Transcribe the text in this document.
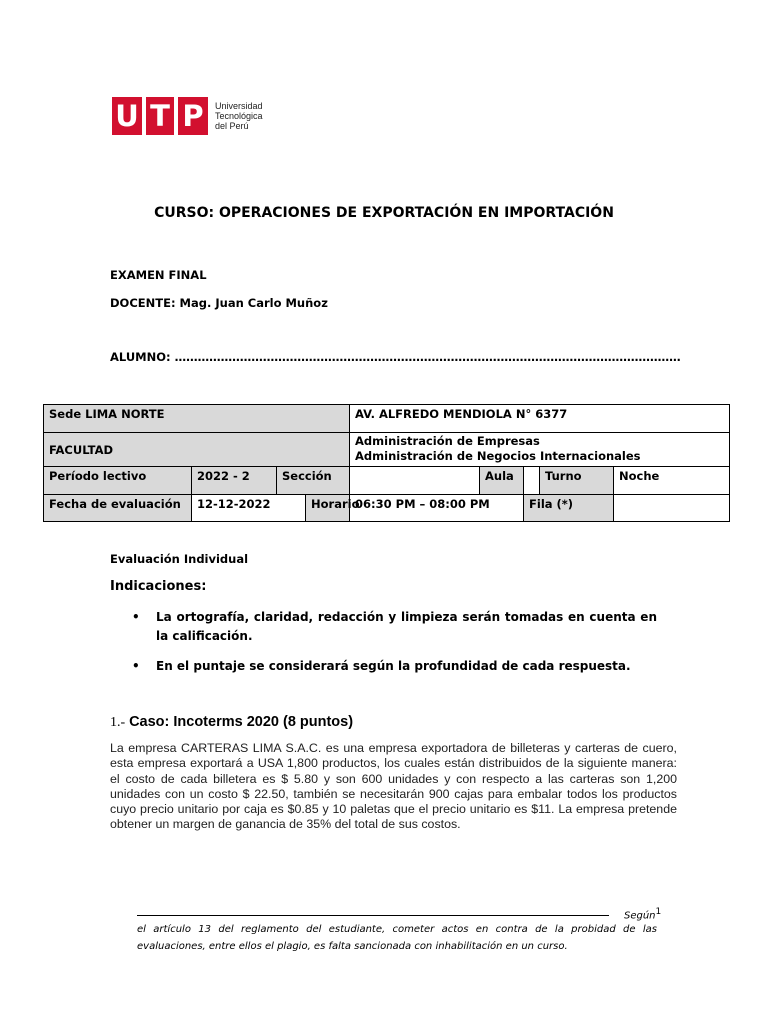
U T P	Universidad
Tecnológica
del Perú
CURSO: OPERACIONES DE EXPORTACIÓN EN IMPORTACIÓN
EXAMEN FINAL
DOCENTE: Mag. Juan Carlo Muñoz
ALUMNO: ……………………………………………………………………………………………………………………
Sede LIMA NORTE				AV. ALFREDO MENDIOLA N° 6377				
FACULTAD				Administración de Empresas
Administración de Negocios Internacionales				

Período lectivo	2022 - 2	Sección			Aula		Turno	Noche
Fecha de evaluación	12-12-2022		Horario	06:30 PM – 08:00 PM		Fila (*)		
Evaluación Individual
Indicaciones:
• La ortografía, claridad, redacción y limpieza serán tomadas en cuenta en la calificación.
• En el puntaje se considerará según la profundidad de cada respuesta.
1.- Caso: Incoterms 2020 (8 puntos)
La empresa CARTERAS LIMA S.A.C. es una empresa exportadora de billeteras y carteras de cuero, esta empresa exportará a USA 1,800 productos, los cuales están distribuidos de la siguiente manera: el costo de cada billetera es $ 5.80 y son 600 unidades y con respecto a las carteras son 1,200 unidades con un costo $ 22.50, también se necesitarán 900 cajas para embalar todos los productos cuyo precio unitario por caja es $0.85 y 10 paletas que el precio unitario es $11. La empresa pretende obtener un margen de ganancia de 35% del total de sus costos.
Según1
el artículo 13 del reglamento del estudiante, cometer actos en contra de la probidad de las evaluaciones, entre ellos el plagio, es falta sancionada con inhabilitación en un curso.
